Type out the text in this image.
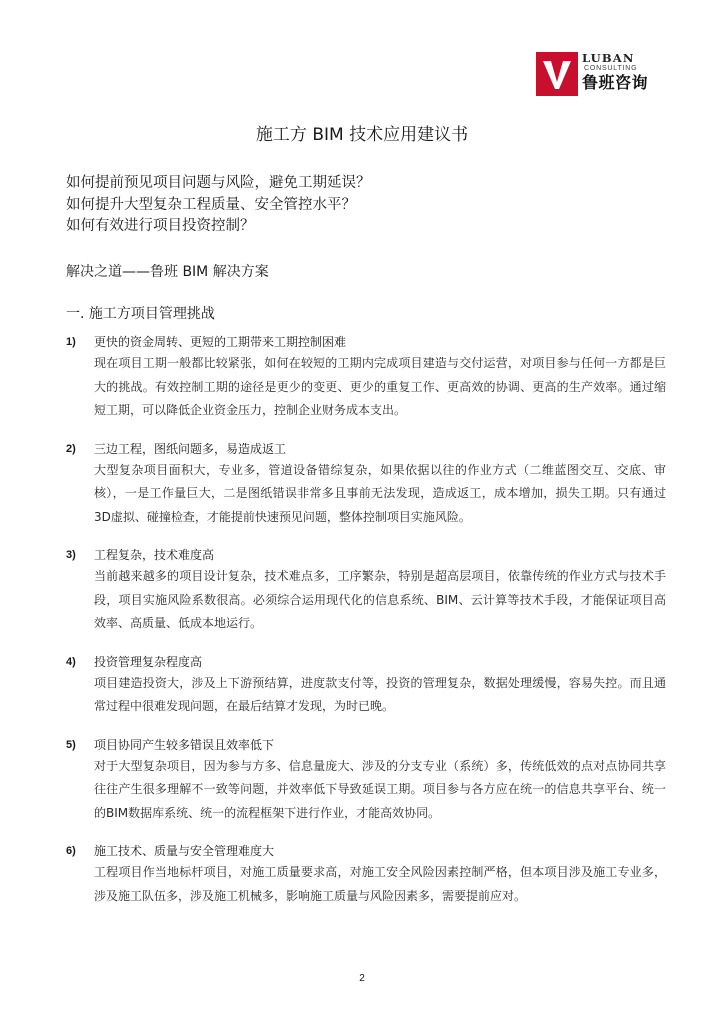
LUBAN
CONSULTING
鲁班咨询
施工方 BIM 技术应用建议书
如何提前预见项目问题与风险，避免工期延误？
如何提升大型复杂工程质量、安全管控水平？
如何有效进行项目投资控制？
解决之道——鲁班 BIM 解决方案
一. 施工方项目管理挑战
1) 更快的资金周转、更短的工期带来工期控制困难
现在项目工期一般都比较紧张，如何在较短的工期内完成项目建造与交付运营，对项目参与任何一方都是巨大的挑战。有效控制工期的途径是更少的变更、更少的重复工作、更高效的协调、更高的生产效率。通过缩短工期，可以降低企业资金压力，控制企业财务成本支出。
2) 三边工程，图纸问题多，易造成返工
大型复杂项目面积大，专业多，管道设备错综复杂，如果依据以往的作业方式（二维蓝图交互、交底、审核），一是工作量巨大，二是图纸错误非常多且事前无法发现，造成返工，成本增加，损失工期。只有通过3D虚拟、碰撞检查，才能提前快速预见问题，整体控制项目实施风险。
3) 工程复杂，技术难度高
当前越来越多的项目设计复杂，技术难点多，工序繁杂，特别是超高层项目，依靠传统的作业方式与技术手段，项目实施风险系数很高。必须综合运用现代化的信息系统、BIM、云计算等技术手段，才能保证项目高效率、高质量、低成本地运行。
4) 投资管理复杂程度高
项目建造投资大，涉及上下游预结算，进度款支付等，投资的管理复杂，数据处理缓慢，容易失控。而且通常过程中很难发现问题，在最后结算才发现，为时已晚。
5) 项目协同产生较多错误且效率低下
对于大型复杂项目，因为参与方多、信息量庞大、涉及的分支专业（系统）多，传统低效的点对点协同共享往往产生很多理解不一致等问题，并效率低下导致延误工期。项目参与各方应在统一的信息共享平台、统一的BIM数据库系统、统一的流程框架下进行作业，才能高效协同。
6) 施工技术、质量与安全管理难度大
工程项目作当地标杆项目，对施工质量要求高，对施工安全风险因素控制严格，但本项目涉及施工专业多，涉及施工队伍多，涉及施工机械多，影响施工质量与风险因素多，需要提前应对。
2
